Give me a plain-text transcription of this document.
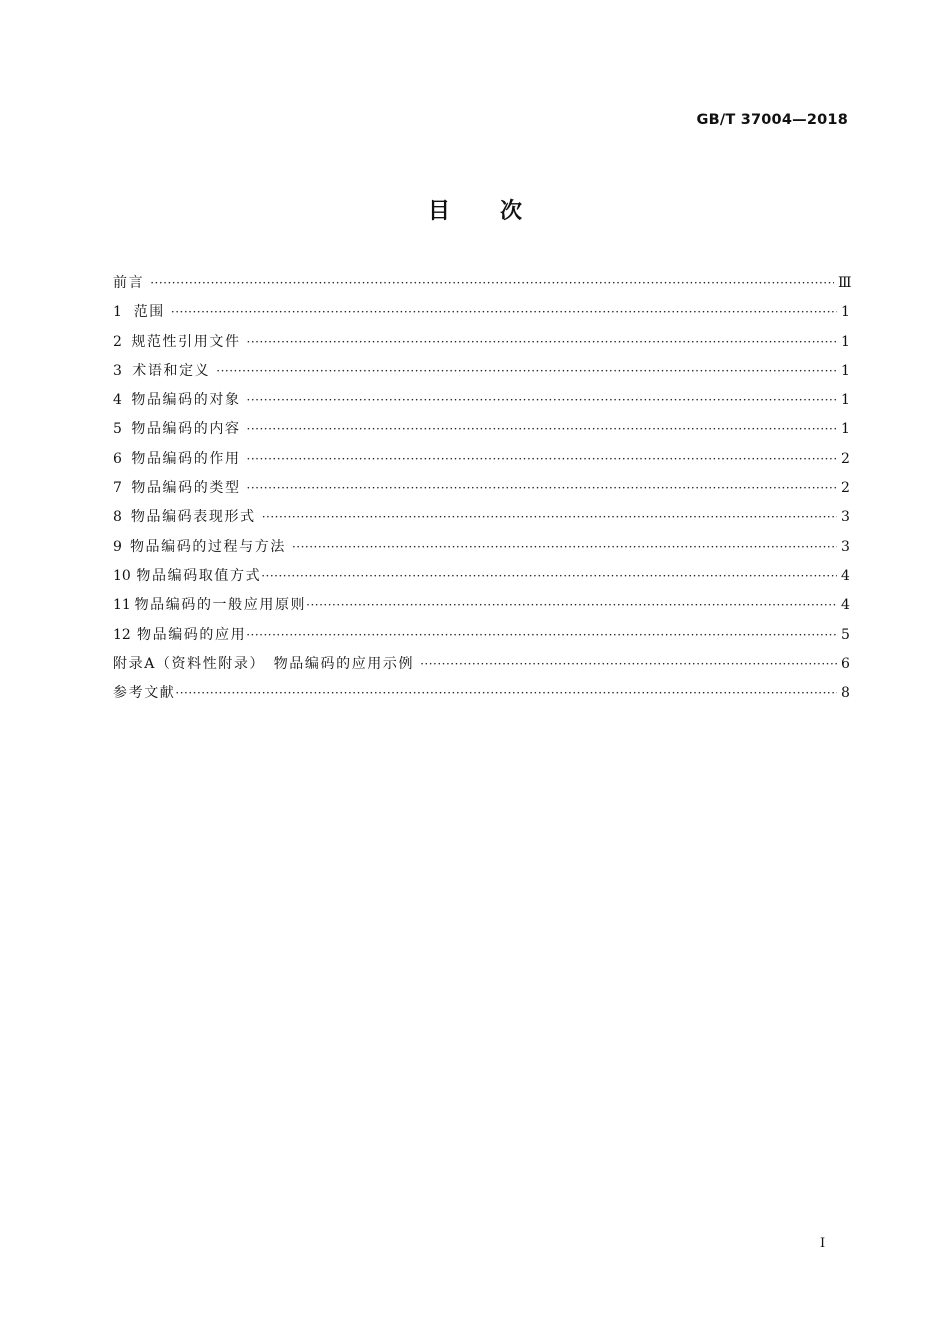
GB/T 37004—2018
目次
前言 ·····	Ⅲ
1 范围 ·····	1
2 规范性引用文件 ·····	1
3 术语和定义 ·····	1
4 物品编码的对象 ·····	1
5 物品编码的内容 ·····	1
6 物品编码的作用 ·····	2
7 物品编码的类型 ·····	2
8 物品编码表现形式 ·····	3
9 物品编码的过程与方法 ·····	3
10 物品编码取值方式 ·····	4
11 物品编码的一般应用原则 ·····	4
12 物品编码的应用 ·····	5
附录A（资料性附录）　物品编码的应用示例 ·····	6
参考文献 ·····	8
I
